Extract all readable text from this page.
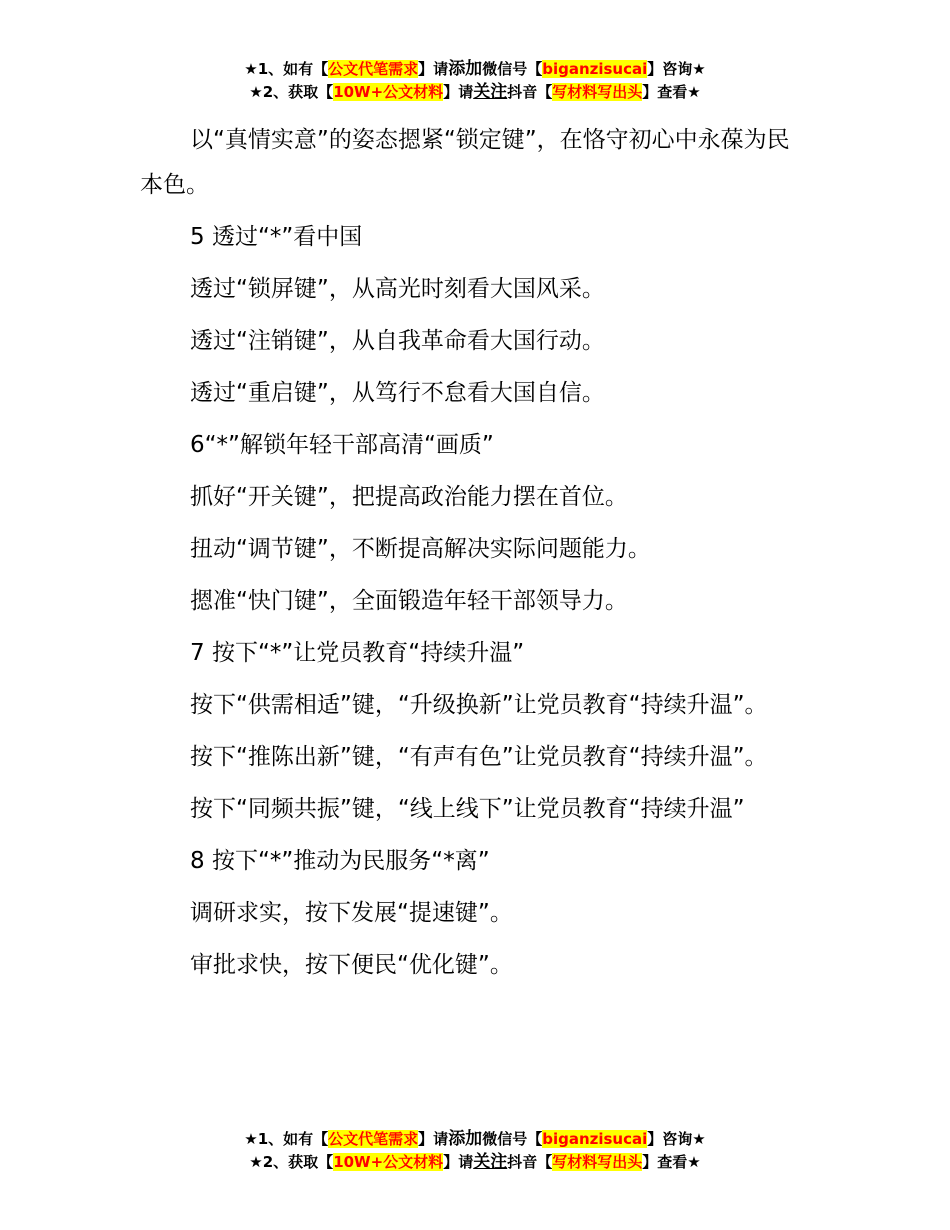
★1、如有【公文代笔需求】请添加微信号【biganzisucai】咨询★
★2、获取【10W+公文材料】请关注抖音【写材料写出头】查看★

以“真情实意”的姿态摁紧“锁定键”，在恪守初心中永葆为民本色。

5 透过“*”看中国

透过“锁屏键”，从高光时刻看大国风采。

透过“注销键”，从自我革命看大国行动。

透过“重启键”，从笃行不怠看大国自信。

6“*”解锁年轻干部高清“画质”

抓好“开关键”，把提高政治能力摆在首位。

扭动“调节键”，不断提高解决实际问题能力。

摁准“快门键”，全面锻造年轻干部领导力。

7 按下“*”让党员教育“持续升温”

按下“供需相适”键，“升级换新”让党员教育“持续升温”。

按下“推陈出新”键，“有声有色”让党员教育“持续升温”。

按下“同频共振”键，“线上线下”让党员教育“持续升温”

8 按下“*”推动为民服务“*离”

调研求实，按下发展“提速键”。

审批求快，按下便民“优化键”。

★1、如有【公文代笔需求】请添加微信号【biganzisucai】咨询★
★2、获取【10W+公文材料】请关注抖音【写材料写出头】查看★
